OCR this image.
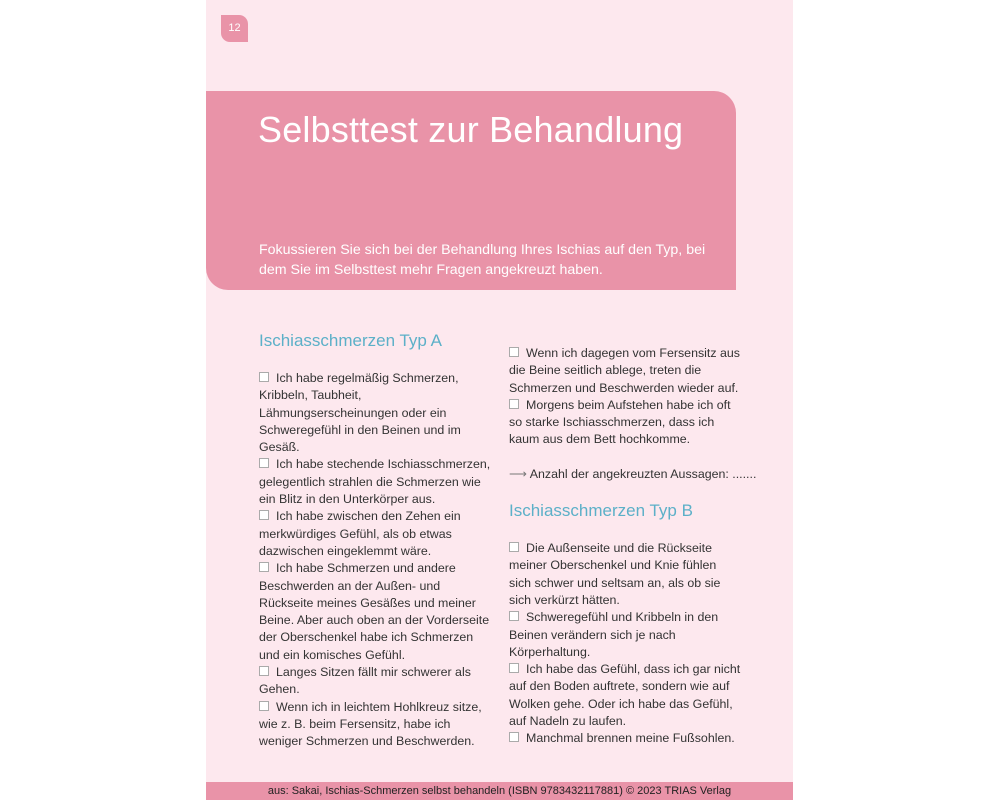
12
Selbsttest zur Behandlung
Fokussieren Sie sich bei der Behandlung Ihres Ischias auf den Typ, bei dem Sie im Selbsttest mehr Fragen angekreuzt haben.
Ischiasschmerzen Typ A

Ich habe regelmäßig Schmerzen, Kribbeln, Taubheit, Lähmungserscheinungen oder ein Schweregefühl in den Beinen und im Gesäß.

Ich habe stechende Ischiasschmerzen, gelegentlich strahlen die Schmerzen wie ein Blitz in den Unterkörper aus.

Ich habe zwischen den Zehen ein merkwürdiges Gefühl, als ob etwas dazwischen eingeklemmt wäre.

Ich habe Schmerzen und andere Beschwerden an der Außen- und Rückseite meines Gesäßes und meiner Beine. Aber auch oben an der Vorderseite der Oberschenkel habe ich Schmerzen und ein komisches Gefühl.

Langes Sitzen fällt mir schwerer als Gehen.

Wenn ich in leichtem Hohlkreuz sitze, wie z. B. beim Fersensitz, habe ich weniger Schmerzen und Beschwerden.

Wenn ich dagegen vom Fersensitz aus die Beine seitlich ablege, treten die Schmerzen und Beschwerden wieder auf.

Morgens beim Aufstehen habe ich oft so starke Ischiasschmerzen, dass ich kaum aus dem Bett hochkomme.

⟶ Anzahl der angekreuzten Aussagen: .......

Ischiasschmerzen Typ B

Die Außenseite und die Rückseite meiner Oberschenkel und Knie fühlen sich schwer und seltsam an, als ob sie sich verkürzt hätten.

Schweregefühl und Kribbeln in den Beinen verändern sich je nach Körperhaltung.

Ich habe das Gefühl, dass ich gar nicht auf den Boden auftrete, sondern wie auf Wolken gehe. Oder ich habe das Gefühl, auf Nadeln zu laufen.

Manchmal brennen meine Fußsohlen.

aus: Sakai, Ischias-Schmerzen selbst behandeln (ISBN 9783432117881) © 2023 TRIAS Verlag
